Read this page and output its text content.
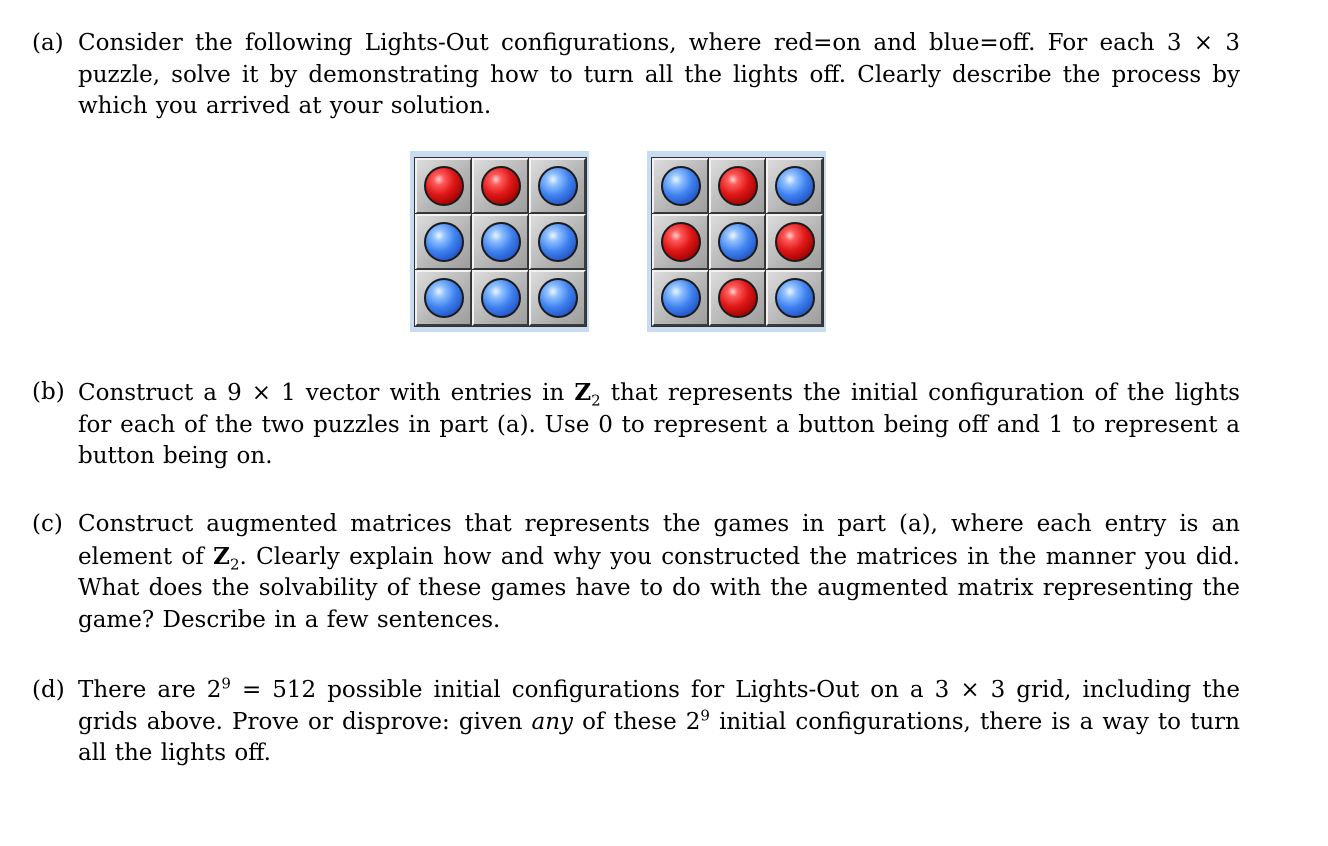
(a) Consider the following Lights-Out configurations, where red=on and blue=off. For each 3 × 3 puzzle, solve it by demonstrating how to turn all the lights off. Clearly describe the process by which you arrived at your solution.
(b) Construct a 9 × 1 vector with entries in $Z_2$ that represents the initial configuration of the lights for each of the two puzzles in part (a). Use 0 to represent a button being off and 1 to represent a button being on.
(c) Construct augmented matrices that represents the games in part (a), where each entry is an element of $Z_2$. Clearly explain how and why you constructed the matrices in the manner you did. What does the solvability of these games have to do with the augmented matrix representing the game? Describe in a few sentences.
(d) There are $2^9 = 512$ possible initial configurations for Lights-Out on a 3 × 3 grid, including the grids above. Prove or disprove: given any of these $2^9$ initial configurations, there is a way to turn all the lights off.
